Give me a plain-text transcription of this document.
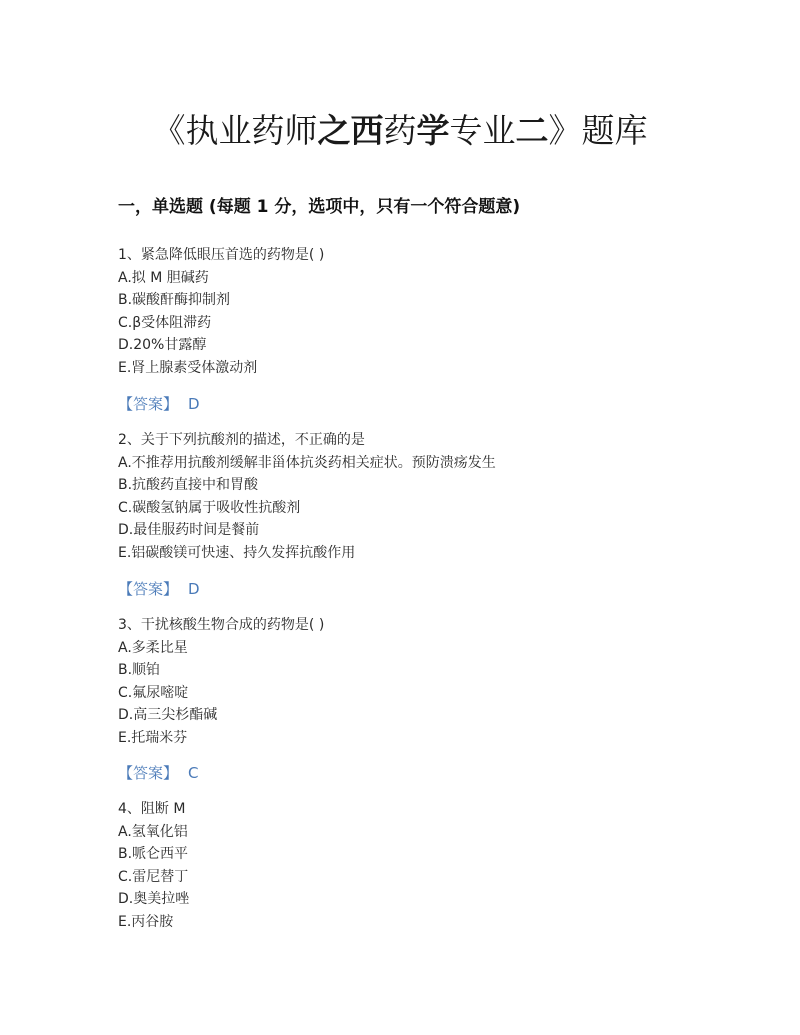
《执业药师之西药学专业二》题库
一，单选题 (每题 1 分，选项中，只有一个符合题意)
1、紧急降低眼压首选的药物是( )
A.拟 M 胆碱药
B.碳酸酐酶抑制剂
C.β受体阻滞药
D.20%甘露醇
E.肾上腺素受体激动剂
【答案】 D
2、关于下列抗酸剂的描述，不正确的是
A.不推荐用抗酸剂缓解非甾体抗炎药相关症状。预防溃疡发生
B.抗酸药直接中和胃酸
C.碳酸氢钠属于吸收性抗酸剂
D.最佳服药时间是餐前
E.铝碳酸镁可快速、持久发挥抗酸作用
【答案】 D
3、干扰核酸生物合成的药物是( )
A.多柔比星
B.顺铂
C.氟尿嘧啶
D.高三尖杉酯碱
E.托瑞米芬
【答案】 C
4、阻断 M
A.氢氧化铝
B.哌仑西平
C.雷尼替丁
D.奥美拉唑
E.丙谷胺
